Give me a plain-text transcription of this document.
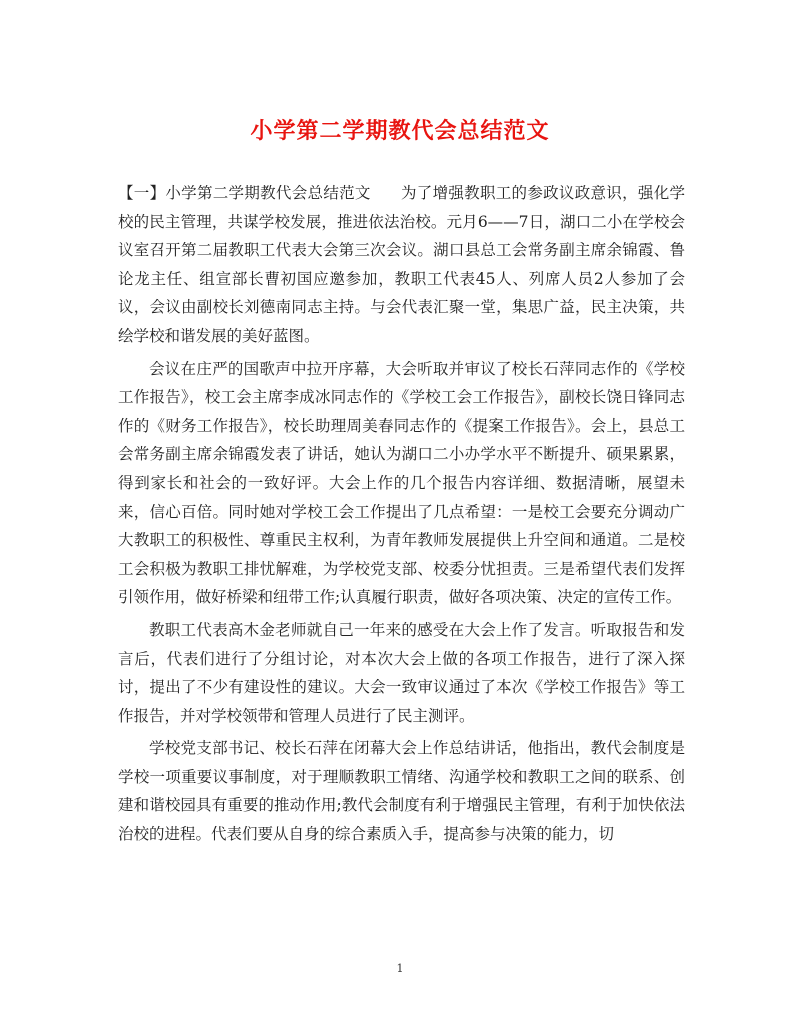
小学第二学期教代会总结范文

【一】小学第二学期教代会总结范文 为了增强教职工的参政议政意识，强化学校的民主管理，共谋学校发展，推进依法治校。元月6——7日，湖口二小在学校会议室召开第二届教职工代表大会第三次会议。湖口县总工会常务副主席余锦霞、鲁论龙主任、组宣部长曹初国应邀参加，教职工代表45人、列席人员2人参加了会议，会议由副校长刘德南同志主持。与会代表汇聚一堂，集思广益，民主决策，共绘学校和谐发展的美好蓝图。

会议在庄严的国歌声中拉开序幕，大会听取并审议了校长石萍同志作的《学校工作报告》，校工会主席李成冰同志作的《学校工会工作报告》，副校长饶日锋同志作的《财务工作报告》，校长助理周美春同志作的《提案工作报告》。会上，县总工会常务副主席余锦霞发表了讲话，她认为湖口二小办学水平不断提升、硕果累累，得到家长和社会的一致好评。大会上作的几个报告内容详细、数据清晰，展望未来，信心百倍。同时她对学校工会工作提出了几点希望：一是校工会要充分调动广大教职工的积极性、尊重民主权利，为青年教师发展提供上升空间和通道。二是校工会积极为教职工排忧解难，为学校党支部、校委分忧担责。三是希望代表们发挥引领作用，做好桥梁和纽带工作;认真履行职责，做好各项决策、决定的宣传工作。

教职工代表高木金老师就自己一年来的感受在大会上作了发言。听取报告和发言后，代表们进行了分组讨论，对本次大会上做的各项工作报告，进行了深入探讨，提出了不少有建设性的建议。大会一致审议通过了本次《学校工作报告》等工作报告，并对学校领带和管理人员进行了民主测评。

学校党支部书记、校长石萍在闭幕大会上作总结讲话，他指出，教代会制度是学校一项重要议事制度，对于理顺教职工情绪、沟通学校和教职工之间的联系、创建和谐校园具有重要的推动作用;教代会制度有利于增强民主管理，有利于加快依法治校的进程。代表们要从自身的综合素质入手，提高参与决策的能力，切

1
